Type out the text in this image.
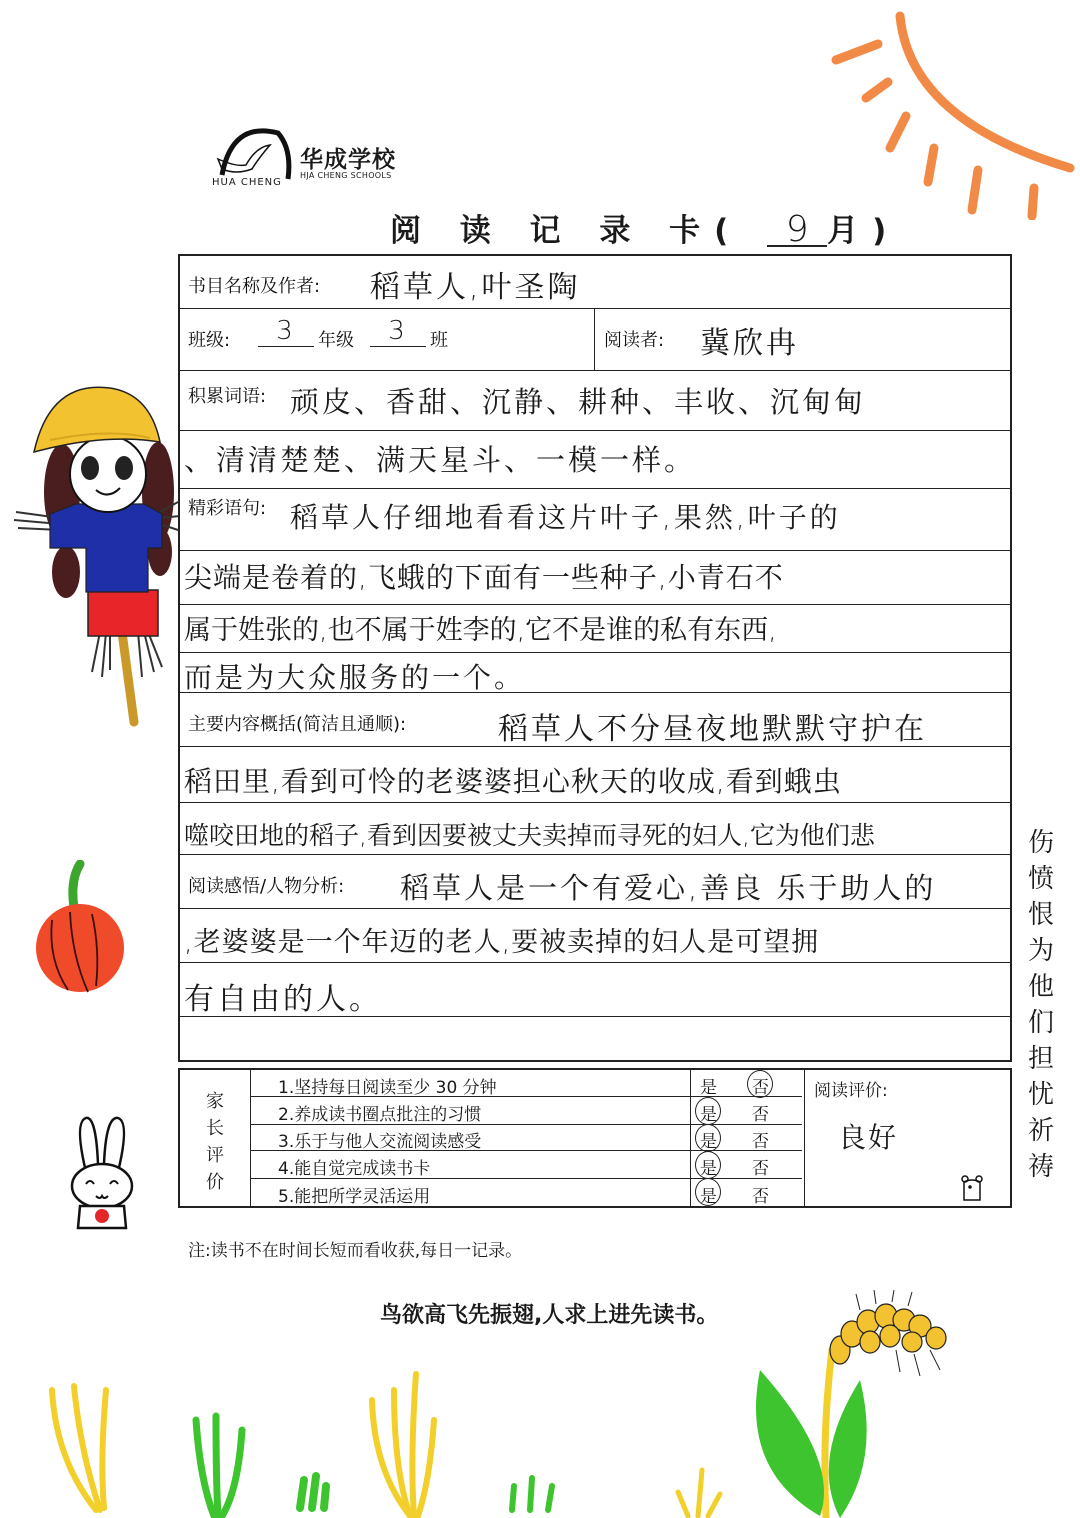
HUA CHENG
华成学校
HJA CHENG SCHOOLS
阅 读 记 录 卡( 9 月)
书目名称及作者: 稻草人,叶圣陶
班级:	3	年级	3	班	阅读者: 冀欣冉
积累词语: 顽皮、香甜、沉静、耕种、丰收、沉甸甸
、清清楚楚、满天星斗、一模一样。
精彩语句: 稻草人仔细地看看这片叶子,果然,叶子的
尖端是卷着的,飞蛾的下面有一些种子,小青石不
属于姓张的,也不属于姓李的,它不是谁的私有东西,
而是为大众服务的一个。
主要内容概括(简洁且通顺):	稻草人不分昼夜地默默守护在
稻田里,看到可怜的老婆婆担心秋天的收成,看到蛾虫
噬咬田地的稻子,看到因要被丈夫卖掉而寻死的妇人,它为他们悲
阅读感悟/人物分析: 稻草人是一个有爱心,善良 乐于助人的
,老婆婆是一个年迈的老人,要被卖掉的妇人是可望拥
有自由的人。
伤
愤
恨
为
他
们
担
忧
祈
祷
家
长
评
价
1.坚持每日阅读至少 30 分钟	是 否
2.养成读书圈点批注的习惯	是 否
3.乐于与他人交流阅读感受	是 否
4.能自觉完成读书卡	是 否
5.能把所学灵活运用	是 否
阅读评价:
良好
注:读书不在时间长短而看收获,每日一记录。
鸟欲高飞先振翅,人求上进先读书。
